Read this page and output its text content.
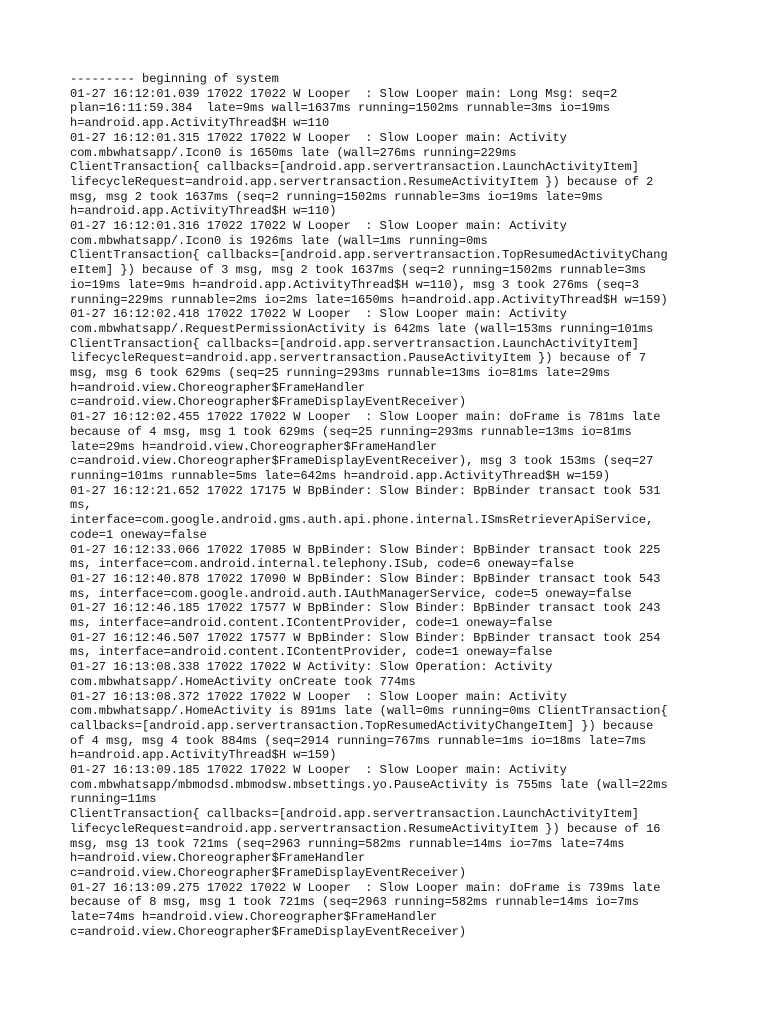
--------- beginning of system
01-27 16:12:01.039 17022 17022 W Looper  : Slow Looper main: Long Msg: seq=2
plan=16:11:59.384  late=9ms wall=1637ms running=1502ms runnable=3ms io=19ms
h=android.app.ActivityThread$H w=110
01-27 16:12:01.315 17022 17022 W Looper  : Slow Looper main: Activity
com.mbwhatsapp/.Icon0 is 1650ms late (wall=276ms running=229ms
ClientTransaction{ callbacks=[android.app.servertransaction.LaunchActivityItem]
lifecycleRequest=android.app.servertransaction.ResumeActivityItem }) because of 2
msg, msg 2 took 1637ms (seq=2 running=1502ms runnable=3ms io=19ms late=9ms
h=android.app.ActivityThread$H w=110)
01-27 16:12:01.316 17022 17022 W Looper  : Slow Looper main: Activity
com.mbwhatsapp/.Icon0 is 1926ms late (wall=1ms running=0ms
ClientTransaction{ callbacks=[android.app.servertransaction.TopResumedActivityChang
eItem] }) because of 3 msg, msg 2 took 1637ms (seq=2 running=1502ms runnable=3ms
io=19ms late=9ms h=android.app.ActivityThread$H w=110), msg 3 took 276ms (seq=3
running=229ms runnable=2ms io=2ms late=1650ms h=android.app.ActivityThread$H w=159)
01-27 16:12:02.418 17022 17022 W Looper  : Slow Looper main: Activity
com.mbwhatsapp/.RequestPermissionActivity is 642ms late (wall=153ms running=101ms
ClientTransaction{ callbacks=[android.app.servertransaction.LaunchActivityItem]
lifecycleRequest=android.app.servertransaction.PauseActivityItem }) because of 7
msg, msg 6 took 629ms (seq=25 running=293ms runnable=13ms io=81ms late=29ms
h=android.view.Choreographer$FrameHandler
c=android.view.Choreographer$FrameDisplayEventReceiver)
01-27 16:12:02.455 17022 17022 W Looper  : Slow Looper main: doFrame is 781ms late
because of 4 msg, msg 1 took 629ms (seq=25 running=293ms runnable=13ms io=81ms
late=29ms h=android.view.Choreographer$FrameHandler
c=android.view.Choreographer$FrameDisplayEventReceiver), msg 3 took 153ms (seq=27
running=101ms runnable=5ms late=642ms h=android.app.ActivityThread$H w=159)
01-27 16:12:21.652 17022 17175 W BpBinder: Slow Binder: BpBinder transact took 531
ms,
interface=com.google.android.gms.auth.api.phone.internal.ISmsRetrieverApiService,
code=1 oneway=false
01-27 16:12:33.066 17022 17085 W BpBinder: Slow Binder: BpBinder transact took 225
ms, interface=com.android.internal.telephony.ISub, code=6 oneway=false
01-27 16:12:40.878 17022 17090 W BpBinder: Slow Binder: BpBinder transact took 543
ms, interface=com.google.android.auth.IAuthManagerService, code=5 oneway=false
01-27 16:12:46.185 17022 17577 W BpBinder: Slow Binder: BpBinder transact took 243
ms, interface=android.content.IContentProvider, code=1 oneway=false
01-27 16:12:46.507 17022 17577 W BpBinder: Slow Binder: BpBinder transact took 254
ms, interface=android.content.IContentProvider, code=1 oneway=false
01-27 16:13:08.338 17022 17022 W Activity: Slow Operation: Activity
com.mbwhatsapp/.HomeActivity onCreate took 774ms
01-27 16:13:08.372 17022 17022 W Looper  : Slow Looper main: Activity
com.mbwhatsapp/.HomeActivity is 891ms late (wall=0ms running=0ms ClientTransaction{
callbacks=[android.app.servertransaction.TopResumedActivityChangeItem] }) because
of 4 msg, msg 4 took 884ms (seq=2914 running=767ms runnable=1ms io=18ms late=7ms
h=android.app.ActivityThread$H w=159)
01-27 16:13:09.185 17022 17022 W Looper  : Slow Looper main: Activity
com.mbwhatsapp/mbmodsd.mbmodsw.mbsettings.yo.PauseActivity is 755ms late (wall=22ms
running=11ms
ClientTransaction{ callbacks=[android.app.servertransaction.LaunchActivityItem]
lifecycleRequest=android.app.servertransaction.ResumeActivityItem }) because of 16
msg, msg 13 took 721ms (seq=2963 running=582ms runnable=14ms io=7ms late=74ms
h=android.view.Choreographer$FrameHandler
c=android.view.Choreographer$FrameDisplayEventReceiver)
01-27 16:13:09.275 17022 17022 W Looper  : Slow Looper main: doFrame is 739ms late
because of 8 msg, msg 1 took 721ms (seq=2963 running=582ms runnable=14ms io=7ms
late=74ms h=android.view.Choreographer$FrameHandler
c=android.view.Choreographer$FrameDisplayEventReceiver)
